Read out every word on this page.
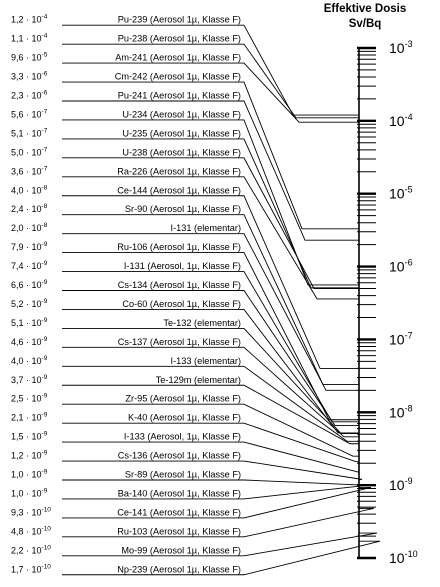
Effektive Dosis
Sv/Bq
$1,2 \cdot 10^{-4}$	Pu-239 (Aerosol 1µ, Klasse F)
$1,1 \cdot 10^{-4}$	Pu-238 (Aerosol 1µ, Klasse F)
$9,6 \cdot 10^{-5}$	Am-241 (Aerosol 1µ, Klasse F)
$3,3 \cdot 10^{-6}$	Cm-242 (Aerosol 1µ, Klasse F)
$2,3 \cdot 10^{-6}$	Pu-241 (Aerosol 1µ, Klasse F)
$5,6 \cdot 10^{-7}$	U-234 (Aerosol 1µ, Klasse F)
$5,1 \cdot 10^{-7}$	U-235 (Aerosol 1µ, Klasse F)
$5,0 \cdot 10^{-7}$	U-238 (Aerosol 1µ, Klasse F)
$3,6 \cdot 10^{-7}$	Ra-226 (Aerosol 1µ, Klasse F)
$4,0 \cdot 10^{-8}$	Ce-144 (Aerosol 1µ, Klasse F)
$2,4 \cdot 10^{-8}$	Sr-90 (Aerosol 1µ, Klasse F)
$2,0 \cdot 10^{-8}$	I-131 (elementar)
$7,9 \cdot 10^{-9}$	Ru-106 (Aerosol 1µ, Klasse F)
$7,4 \cdot 10^{-9}$	I-131 (Aerosol, 1µ, Klasse F)
$6,6 \cdot 10^{-9}$	Cs-134 (Aerosol 1µ, Klasse F)
$5,2 \cdot 10^{-9}$	Co-60 (Aerosol 1µ, Klasse F)
$5,1 \cdot 10^{-9}$	Te-132 (elementar)
$4,6 \cdot 10^{-9}$	Cs-137 (Aerosol 1µ, Klasse F)
$4,0 \cdot 10^{-9}$	I-133 (elementar)
$3,7 \cdot 10^{-9}$	Te-129m (elementar)
$2,5 \cdot 10^{-9}$	Zr-95 (Aerosol 1µ, Klasse F)
$2,1 \cdot 10^{-9}$	K-40 (Aerosol 1µ, Klasse F)
$1,5 \cdot 10^{-9}$	I-133 (Aerosol, 1µ, Klasse F)
$1,2 \cdot 10^{-9}$	Cs-136 (Aerosol 1µ, Klasse F)
$1,0 \cdot 10^{-9}$	Sr-89 (Aerosol 1µ, Klasse F)
$1,0 \cdot 10^{-9}$	Ba-140 (Aerosol 1µ, Klasse F)
$9,3 \cdot 10^{-10}$	Ce-141 (Aerosol 1µ, Klasse F)
$4,8 \cdot 10^{-10}$	Ru-103 (Aerosol 1µ, Klasse F)
$2,2 \cdot 10^{-10}$	Mo-99 (Aerosol 1µ, Klasse F)
$1,7 \cdot 10^{-10}$	Np-239 (Aerosol 1µ, Klasse F)
$10^{-3}$
$10^{-4}$
$10^{-5}$
$10^{-6}$
$10^{-7}$
$10^{-8}$
$10^{-9}$
$10^{-10}$
